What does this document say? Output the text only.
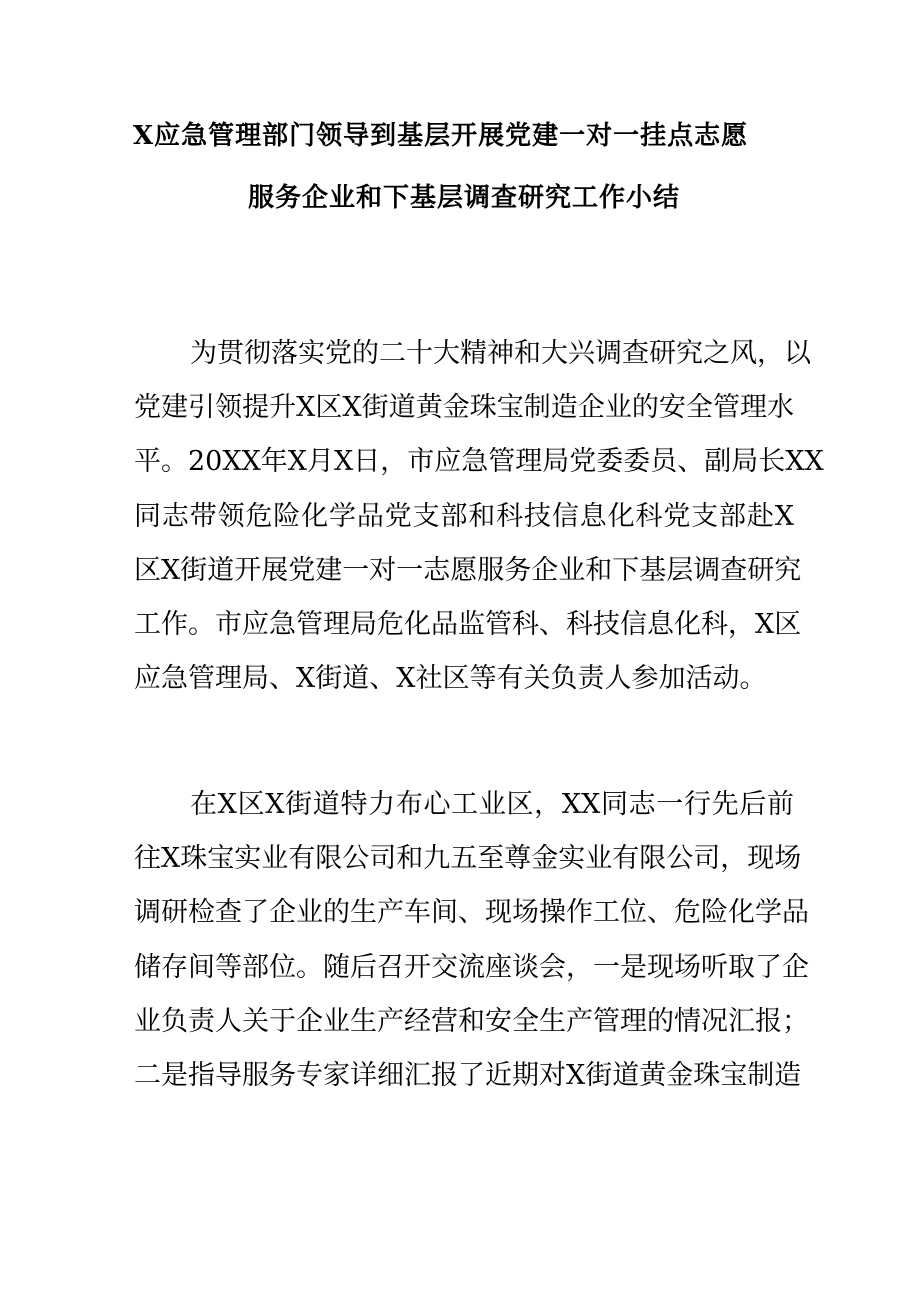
X应急管理部门领导到基层开展党建一对一挂点志愿
服务企业和下基层调查研究工作小结
为贯彻落实党的二十大精神和大兴调查研究之风，以
党建引领提升X区X街道黄金珠宝制造企业的安全管理水
平。20XX年X月X日，市应急管理局党委委员、副局长XX
同志带领危险化学品党支部和科技信息化科党支部赴X
区X街道开展党建一对一志愿服务企业和下基层调查研究
工作。市应急管理局危化品监管科、科技信息化科，X区
应急管理局、X街道、X社区等有关负责人参加活动。
在X区X街道特力布心工业区，XX同志一行先后前
往X珠宝实业有限公司和九五至尊金实业有限公司，现场
调研检查了企业的生产车间、现场操作工位、危险化学品
储存间等部位。随后召开交流座谈会，一是现场听取了企
业负责人关于企业生产经营和安全生产管理的情况汇报；
二是指导服务专家详细汇报了近期对X街道黄金珠宝制造
